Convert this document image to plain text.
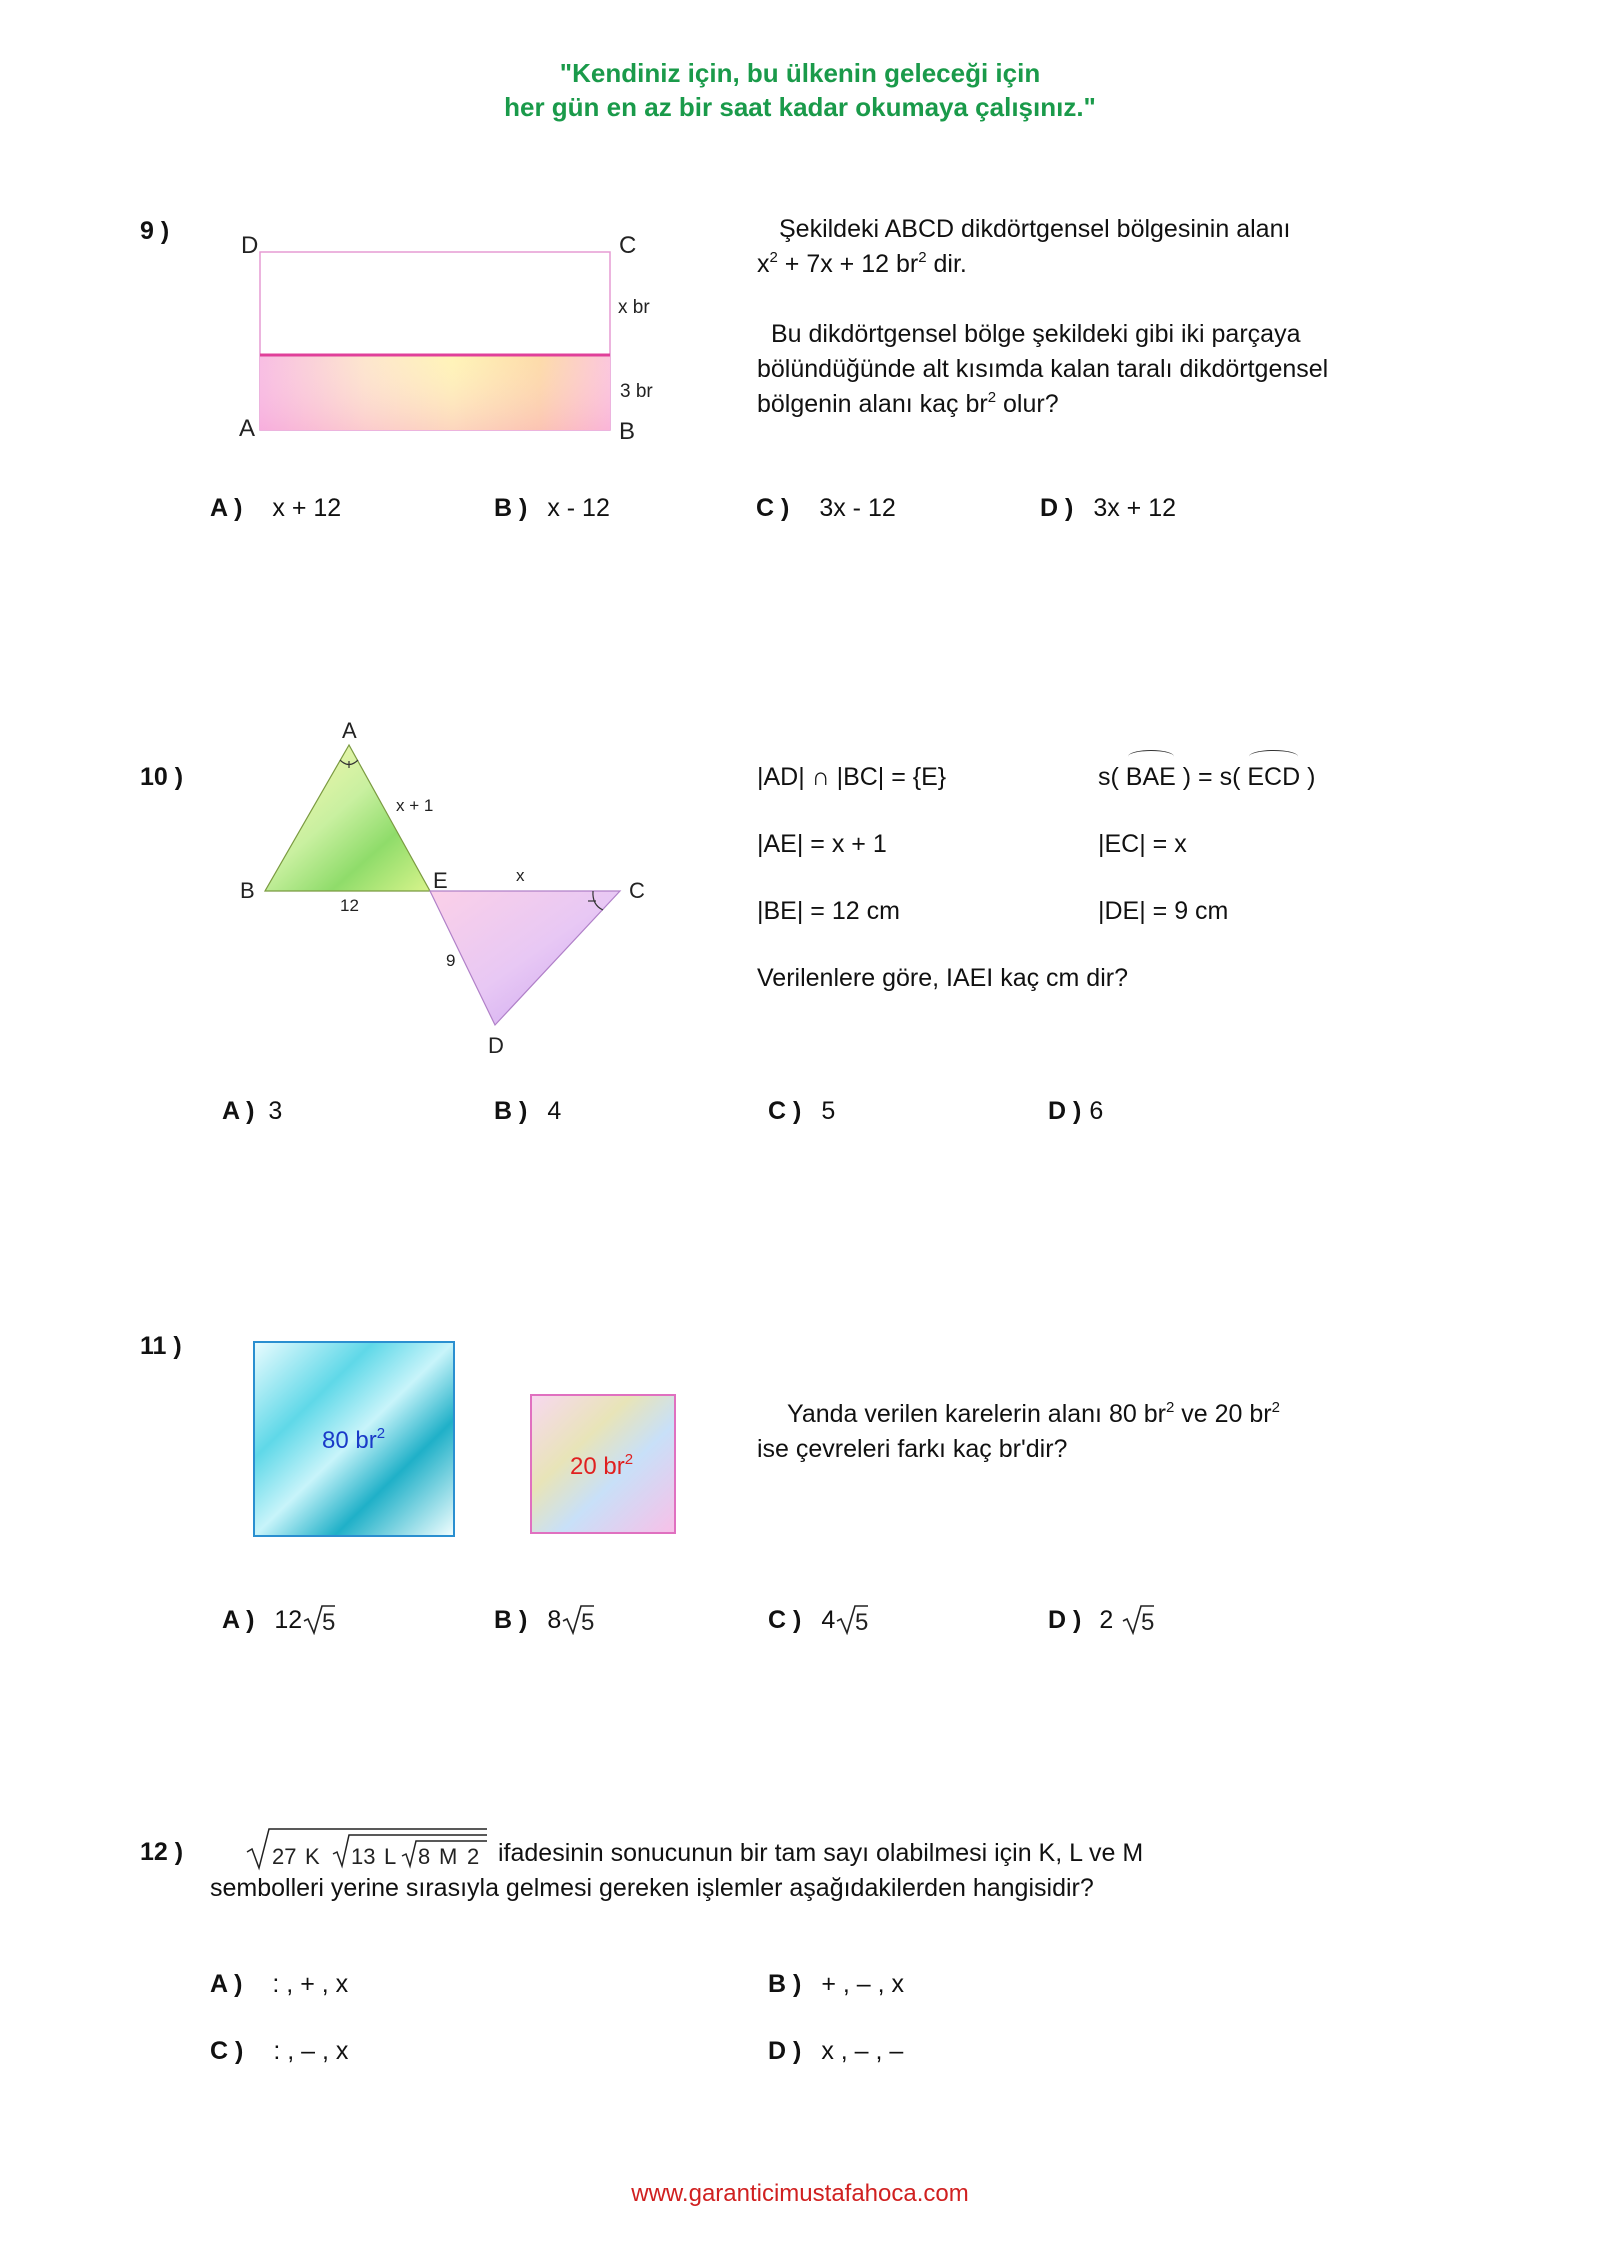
"Kendiniz için, bu ülkenin geleceği için
her gün en az bir saat kadar okumaya çalışınız."
9 )
D	C
A	B
x br
3 br
Şekildeki ABCD dikdörtgensel bölgesinin alanı
$x^2 + 7x + 12$ $br^2$ dir.
Bu dikdörtgensel bölge şekildeki gibi iki parçaya
bölündüğünde alt kısımda kalan taralı dikdörtgensel
bölgenin alanı kaç $br^2$ olur?
A ) x + 12	B ) x - 12	C ) 3x - 12	D ) 3x + 12
10 )
A
B	E	C
D
x + 1
12
x
9
|AD| ∩ |BC| = {E}	s( BAE ) = s( ECD )
|AE| = x + 1	|EC| = x
|BE| = 12 cm	|DE| = 9 cm
Verilenlere göre, IAEI kaç cm dir?
A ) 3	B ) 4	C ) 5	D ) 6
11 )
80 $br^2$
20 $br^2$
Yanda verilen karelerin alanı 80 $br^2$ ve 20 $br^2$
ise çevreleri farkı kaç br'dir?
A ) 12 5	B ) 8 5	C ) 4 5	D ) 2 5
12 )	27 K 13 L 8 M 2 ifadesinin sonucunun bir tam sayı olabilmesi için K, L ve M
sembolleri yerine sırasıyla gelmesi gereken işlemler aşağıdakilerden hangisidir?
A ) : , + , x	B ) + , – , x
C ) : , – , x	D ) x , – , –
www.garanticimustafahoca.com
